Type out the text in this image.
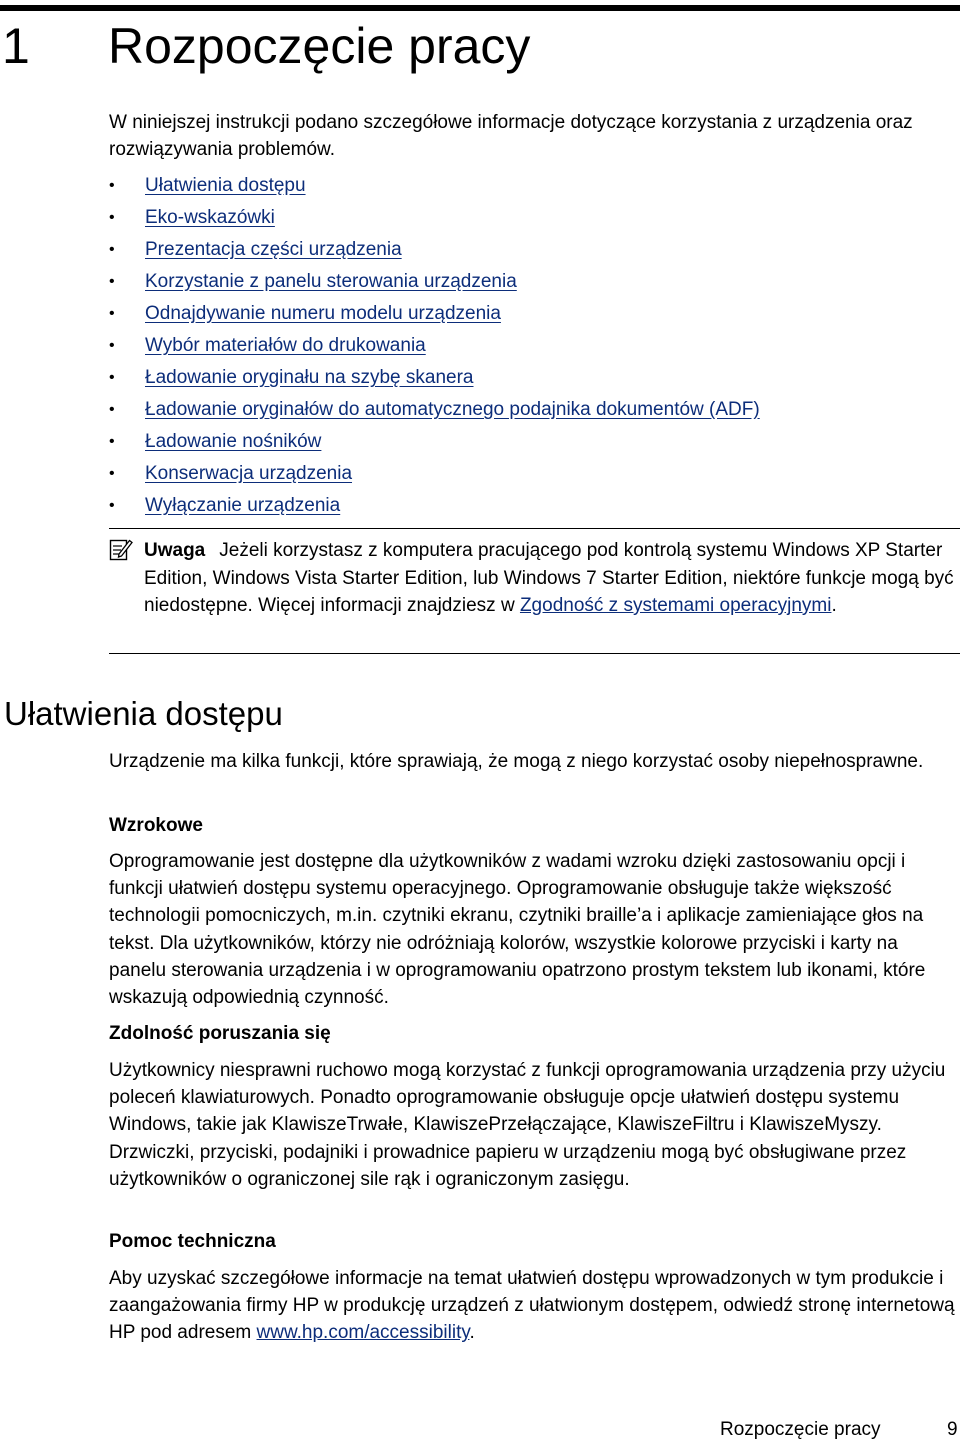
1 Rozpoczęcie pracy

W niniejszej instrukcji podano szczegółowe informacje dotyczące korzystania z urządzenia oraz rozwiązywania problemów.

• Ułatwienia dostępu
• Eko-wskazówki
• Prezentacja części urządzenia
• Korzystanie z panelu sterowania urządzenia
• Odnajdywanie numeru modelu urządzenia
• Wybór materiałów do drukowania
• Ładowanie oryginału na szybę skanera
• Ładowanie oryginałów do automatycznego podajnika dokumentów (ADF)
• Ładowanie nośników
• Konserwacja urządzenia
• Wyłączanie urządzenia
Uwaga Jeżeli korzystasz z komputera pracującego pod kontrolą systemu Windows XP Starter Edition, Windows Vista Starter Edition, lub Windows 7 Starter Edition, niektóre funkcje mogą być niedostępne. Więcej informacji znajdziesz w Zgodność z systemami operacyjnymi.
Ułatwienia dostępu

Urządzenie ma kilka funkcji, które sprawiają, że mogą z niego korzystać osoby niepełnosprawne.

Wzrokowe

Oprogramowanie jest dostępne dla użytkowników z wadami wzroku dzięki zastosowaniu opcji i funkcji ułatwień dostępu systemu operacyjnego. Oprogramowanie obsługuje także większość technologii pomocniczych, m.in. czytniki ekranu, czytniki braille’a i aplikacje zamieniające głos na tekst. Dla użytkowników, którzy nie odróżniają kolorów, wszystkie kolorowe przyciski i karty na panelu sterowania urządzenia i w oprogramowaniu opatrzono prostym tekstem lub ikonami, które wskazują odpowiednią czynność.

Zdolność poruszania się

Użytkownicy niesprawni ruchowo mogą korzystać z funkcji oprogramowania urządzenia przy użyciu poleceń klawiaturowych. Ponadto oprogramowanie obsługuje opcje ułatwień dostępu systemu Windows, takie jak KlawiszeTrwałe, KlawiszePrzełączające, KlawiszeFiltru i KlawiszeMyszy. Drzwiczki, przyciski, podajniki i prowadnice papieru w urządzeniu mogą być obsługiwane przez użytkowników o ograniczonej sile rąk i ograniczonym zasięgu.

Pomoc techniczna

Aby uzyskać szczegółowe informacje na temat ułatwień dostępu wprowadzonych w tym produkcie i zaangażowania firmy HP w produkcję urządzeń z ułatwionym dostępem, odwiedź stronę internetową HP pod adresem www.hp.com/accessibility.

Rozpoczęcie pracy	9
